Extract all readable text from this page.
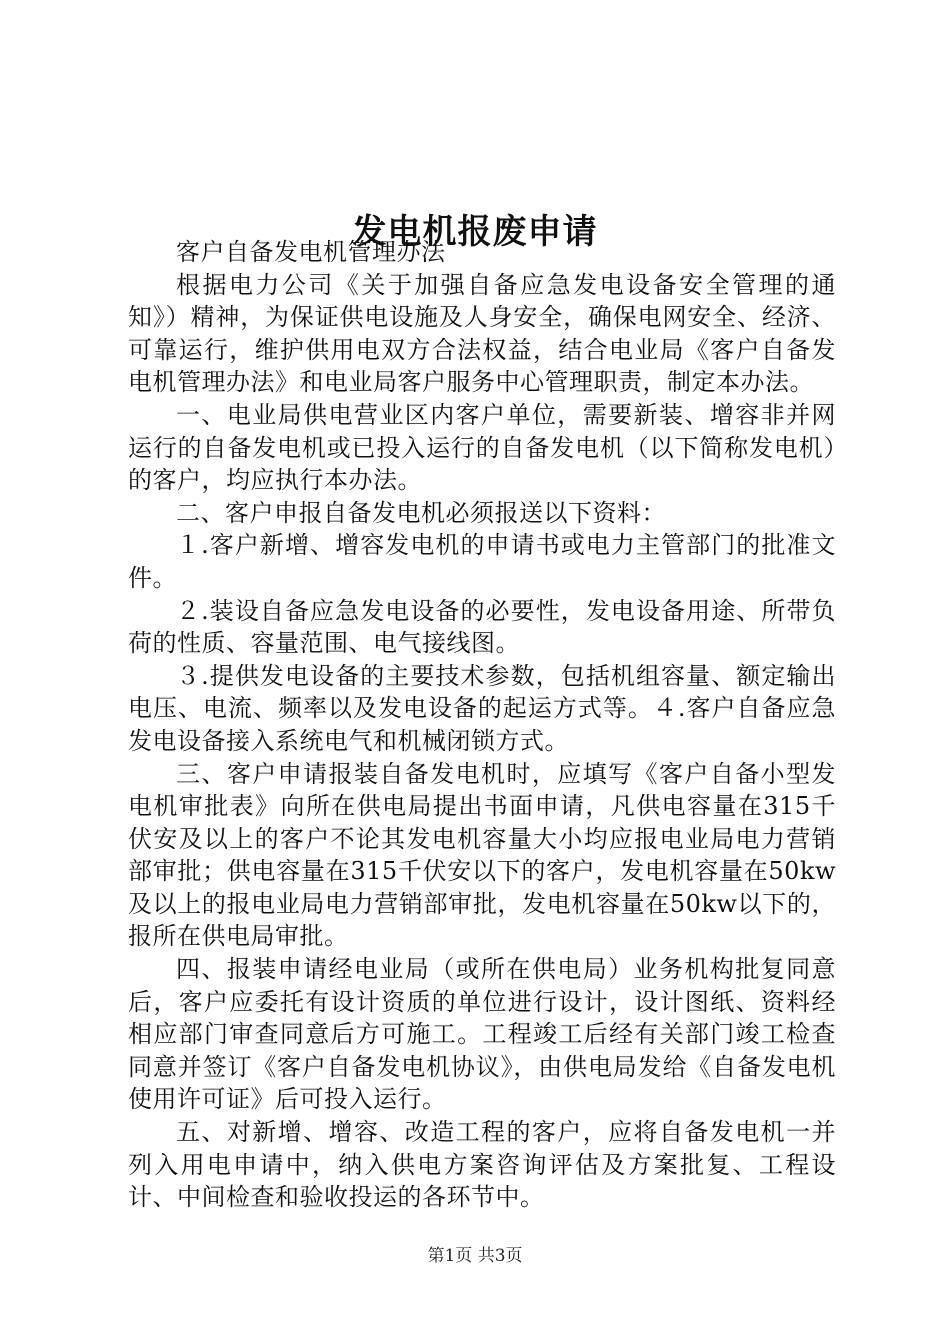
发电机报废申请

客户自备发电机管理办法

根据电力公司《关于加强自备应急发电设备安全管理的通知》）精神，为保证供电设施及人身安全，确保电网安全、经济、可靠运行，维护供用电双方合法权益，结合电业局《客户自备发电机管理办法》和电业局客户服务中心管理职责，制定本办法。

一、电业局供电营业区内客户单位，需要新装、增容非并网运行的自备发电机或已投入运行的自备发电机（以下简称发电机）的客户，均应执行本办法。

二、客户申报自备发电机必须报送以下资料：

１.客户新增、增容发电机的申请书或电力主管部门的批准文件。

２.装设自备应急发电设备的必要性，发电设备用途、所带负荷的性质、容量范围、电气接线图。

３.提供发电设备的主要技术参数，包括机组容量、额定输出电压、电流、频率以及发电设备的起运方式等。４.客户自备应急发电设备接入系统电气和机械闭锁方式。

三、客户申请报装自备发电机时，应填写《客户自备小型发电机审批表》向所在供电局提出书面申请，凡供电容量在315千伏安及以上的客户不论其发电机容量大小均应报电业局电力营销部审批；供电容量在315千伏安以下的客户，发电机容量在50kw及以上的报电业局电力营销部审批，发电机容量在50kw以下的，报所在供电局审批。

四、报装申请经电业局（或所在供电局）业务机构批复同意后，客户应委托有设计资质的单位进行设计，设计图纸、资料经相应部门审查同意后方可施工。工程竣工后经有关部门竣工检查同意并签订《客户自备发电机协议》，由供电局发给《自备发电机使用许可证》后可投入运行。

五、对新增、增容、改造工程的客户，应将自备发电机一并列入用电申请中，纳入供电方案咨询评估及方案批复、工程设计、中间检查和验收投运的各环节中。

第1页 共3页
